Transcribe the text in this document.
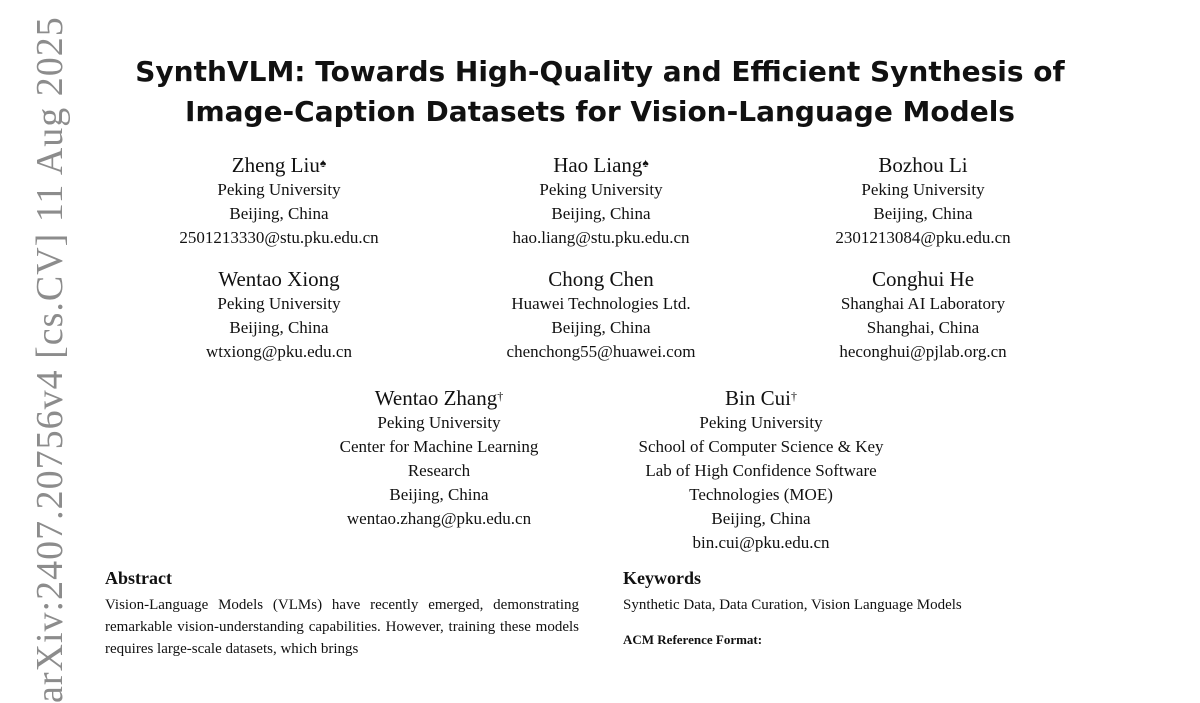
arXiv:2407.20756v4 [cs.CV] 11 Aug 2025	SynthVLM: Towards High-Quality and Efficient Synthesis of
Image-Caption Datasets for Vision-Language Models
Zheng Liu♠
Peking University
Beijing, China
2501213330@stu.pku.edu.cn
Hao Liang♠
Peking University
Beijing, China
hao.liang@stu.pku.edu.cn
Bozhou Li
Peking University
Beijing, China
2301213084@pku.edu.cn
Wentao Xiong
Peking University
Beijing, China
wtxiong@pku.edu.cn
Chong Chen
Huawei Technologies Ltd.
Beijing, China
chenchong55@huawei.com
Conghui He
Shanghai AI Laboratory
Shanghai, China
heconghui@pjlab.org.cn
Wentao Zhang†
Peking University
Center for Machine Learning
Research
Beijing, China
wentao.zhang@pku.edu.cn
Bin Cui†
Peking University
School of Computer Science & Key
Lab of High Confidence Software
Technologies (MOE)
Beijing, China
bin.cui@pku.edu.cn
Abstract
Vision-Language Models (VLMs) have recently emerged, demonstrating remarkable vision-understanding capabilities. However, training these models requires large-scale datasets, which brings
Keywords
Synthetic Data, Data Curation, Vision Language Models
ACM Reference Format:
